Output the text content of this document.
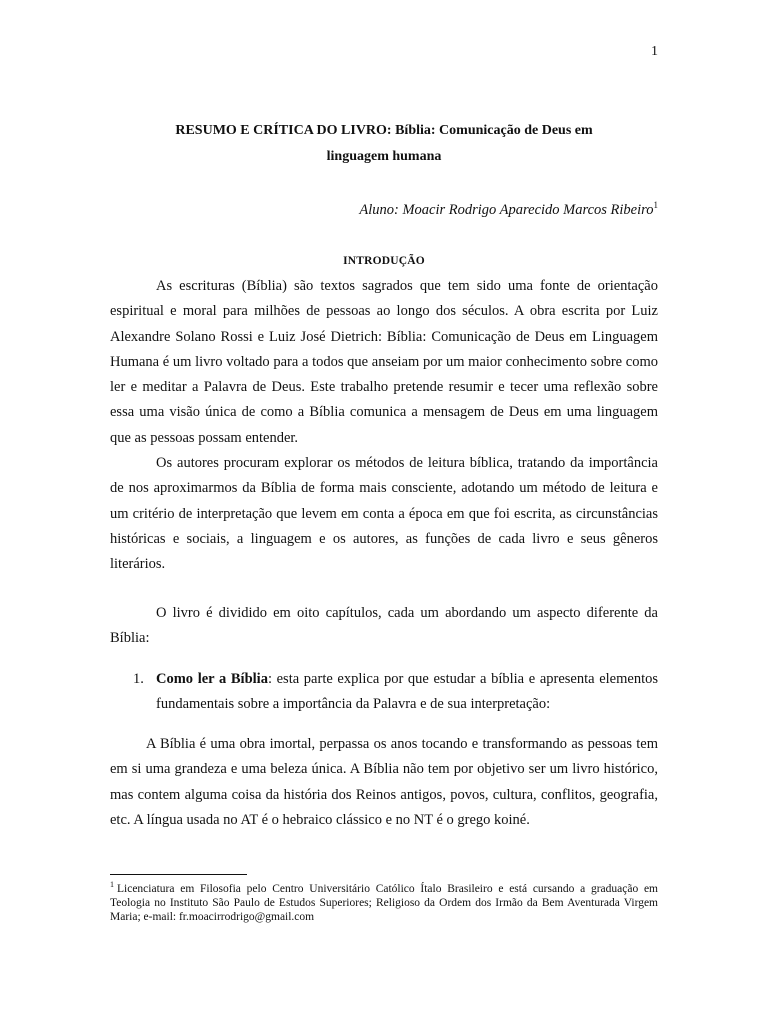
1
RESUMO E CRÍTICA DO LIVRO: Bíblia: Comunicação de Deus em
linguagem humana
Aluno: Moacir Rodrigo Aparecido Marcos Ribeiro$^1$
INTRODUÇÃO

As escrituras (Bíblia) são textos sagrados que tem sido uma fonte de orientação espiritual e moral para milhões de pessoas ao longo dos séculos. A obra escrita por Luiz Alexandre Solano Rossi e Luiz José Dietrich: Bíblia: Comunicação de Deus em Linguagem Humana é um livro voltado para a todos que anseiam por um maior conhecimento sobre como ler e meditar a Palavra de Deus. Este trabalho pretende resumir e tecer uma reflexão sobre essa uma visão única de como a Bíblia comunica a mensagem de Deus em uma linguagem que as pessoas possam entender.

Os autores procuram explorar os métodos de leitura bíblica, tratando da importância de nos aproximarmos da Bíblia de forma mais consciente, adotando um método de leitura e um critério de interpretação que levem em conta a época em que foi escrita, as circunstâncias históricas e sociais, a linguagem e os autores, as funções de cada livro e seus gêneros literários.

O livro é dividido em oito capítulos, cada um abordando um aspecto diferente da Bíblia:

1. Como ler a Bíblia: esta parte explica por que estudar a bíblia e apresenta elementos fundamentais sobre a importância da Palavra e de sua interpretação:

A Bíblia é uma obra imortal, perpassa os anos tocando e transformando as pessoas tem em si uma grandeza e uma beleza única. A Bíblia não tem por objetivo ser um livro histórico, mas contem alguma coisa da história dos Reinos antigos, povos, cultura, conflitos, geografia, etc. A língua usada no AT é o hebraico clássico e no NT é o grego koiné.

$^1$ Licenciatura em Filosofia pelo Centro Universitário Católico Ítalo Brasileiro e está cursando a graduação em Teologia no Instituto São Paulo de Estudos Superiores; Religioso da Ordem dos Irmão da Bem Aventurada Virgem Maria; e-mail: fr.moacirrodrigo@gmail.com
